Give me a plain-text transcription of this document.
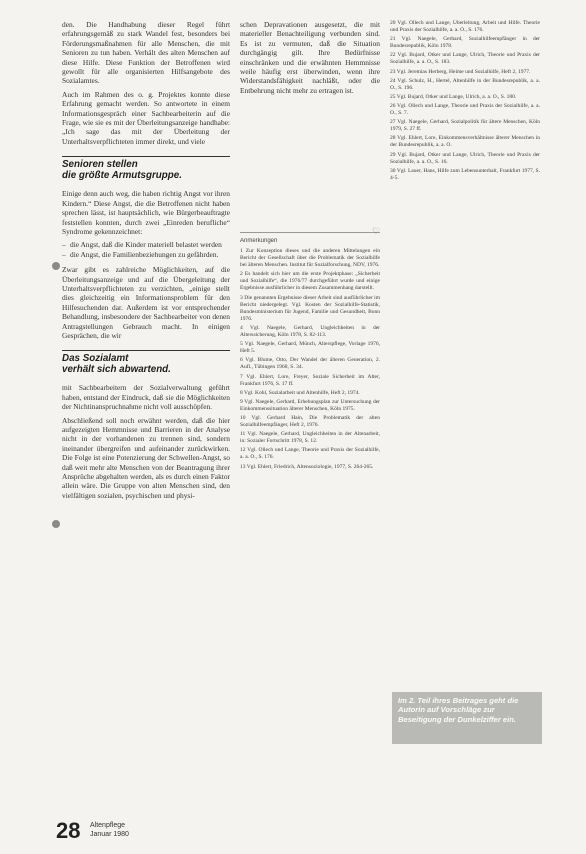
den. Die Handhabung dieser Regel führt erfahrungsgemäß zu stark Wandel fest, besonders bei Förderungsmaßnahmen für alle Menschen, die mit Senioren zu tun haben. Verhält des alten Menschen auf diese Hilfe. Diese Funktion der Betroffenen wird gewollt für alle organisierten Hilfsangebote des Sozialamtes.

Auch im Rahmen des o. g. Projektes konnte diese Erfahrung gemacht werden. So antwortete in einem Informationsgespräch einer Sachbearbeiterin auf die Frage, wie sie es mit der Überleitungsanzeige handhabe: „Ich sage das mit der Überleitung der Unterhaltsverpflichteten immer direkt, und viele

Senioren stellen
die größte Armutsgruppe.

Einige denn auch weg, die haben richtig Angst vor ihren Kindern.“ Diese Angst, die die Betroffenen nicht haben sprechen lässt, ist hauptsächlich, wie Bürgerbeauftragte feststellen konnten, durch zwei „Einreden berufliche“ Syndrome gekennzeichnet:

– die Angst, daß die Kinder materiell belastet werden
– die Angst, die Familienbeziehungen zu gefährden.

Zwar gibt es zahlreiche Möglichkeiten, auf die Überleitungsanzeige und auf die Übergeleitung der Unterhaltsverpflichteten zu verzichten, „einige stellt dies gleichzeitig ein Informationsproblem für den Hilfesuchenden dar. Außerdem ist vor entsprechender Behandlung, insbesondere der Sachbearbeiter von denen Antragstellungen Gebrauch macht. In einigen Gesprächen, die wir

Das Sozialamt
verhält sich abwartend.

mit Sachbearbeitern der Sozialverwaltung geführt haben, entstand der Eindruck, daß sie die Möglichkeiten der Nichtinanspruchnahme nicht voll ausschöpfen.

Abschließend soll noch erwähnt werden, daß die hier aufgezeigten Hemmnisse und Barrieren in der Analyse nicht in der vorhandenen zu trennen sind, sondern ineinander übergreifen und aufeinander zurückwirken. Die Folge ist eine Potenzierung der Schwellen-Angst, so daß weit mehr alte Menschen von der Beantragung ihrer Ansprüche abgehalten werden, als es durch einen Faktor allein wäre. Die Gruppe von alten Menschen sind, den vielfältigen sozialen, psychischen und physi-

schen Depravationen ausgesetzt, die mit materieller Benachteiligung verbunden sind. Es ist zu vermuten, daß die Situation durchgängig gilt. Ihre Bedürfnisse einschränken und die erwähnten Hemmnisse weile häufig erst überwinden, wenn ihre Widerstandsfähigkeit nachläßt, oder die Entbehrung nicht mehr zu ertragen ist.

♡
Anmerkungen

1 Zur Konzeption dieses und die anderen Mittelungen ein Bericht der Gesellschaft über die Problematik der Sozialhilfe bei älteren Menschen. Institut für Sozialforschung, NDV, 1976.

2 Es handelt sich hier um die erste Projektphase: „Sicherheit und Sozialhilfe“, die 1976/77 durchgeführt wurde und einige Ergebnisse ausführlicher in diesem Zusammenhang darstellt.

3 Die genannten Ergebnisse dieser Arbeit sind ausführlicher im Bericht niedergelegt. Vgl. Kosten der Sozialhilfe-Statistik, Bundesministerium für Jugend, Familie und Gesundheit, Bonn 1976.

4 Vgl. Naegele, Gerhard, Ungleichheiten in der Alterssicherung, Köln 1978, S. 82-113.

5 Vgl. Naegele, Gerhard, Münch, Alterspflege, Vorlage 1976, Heft 5.

6 Vgl. Blume, Otto, Der Wandel der älteren Generation, 2. Aufl., Tübingen 1968, S. 34.

7 Vgl. Ehlert, Lore, Freyer, Soziale Sicherheit im Alter, Frankfurt 1976, S. 17 ff.

8 Vgl. Kohl, Sozialarbeit und Altenhilfe, Heft 2, 1974.

9 Vgl. Naegele, Gerhard, Erhebungsplan zur Untersuchung der Einkommenssituation älterer Menschen, Köln 1975.

10 Vgl. Gerhard Hain, Die Problematik der alten Sozialhilfeempfänger, Heft 2, 1976.

11 Vgl. Naegele, Gerhard, Ungleichheiten in der Altenarbeit, in: Sozialer Fortschritt 1978, S. 12.

12 Vgl. Ollech und Lange, Theorie und Praxis der Sozialhilfe, a. a. O., S. 176.

13 Vgl. Ehlert, Friedrich, Altensoziologie, 1977, S. 264-265.

20 Vgl. Ollech und Lange, Überleitung, Arbeit und Hilfe. Theorie und Praxis der Sozialhilfe, a. a. O., S. 176.

21 Vgl. Naegele, Gerhard, Sozialhilfeempfänger in der Bundesrepublik, Köln 1978.

22 Vgl. Bujard, Otker und Lange, Ulrich, Theorie und Praxis der Sozialhilfe, a. a. O., S. 183.

23 Vgl. Jeremias Herberg, Heime und Sozialhilfe, Heft 2, 1977.

24 Vgl. Schulz, H., Hertel, Altenhilfe in der Bundesrepublik, a. a. O., S. 196.

25 Vgl. Bujard, Otker und Lange, Ulrich, a. a. O., S. 180.

26 Vgl. Ollech und Lange, Theorie und Praxis der Sozialhilfe, a. a. O., S. 7.

27 Vgl. Naegele, Gerhard, Sozialpolitik für ältere Menschen, Köln 1979, S. 27 ff.

28 Vgl. Ehlert, Lore, Einkommensverhältnisse älterer Menschen in der Bundesrepublik, a. a. O.

29 Vgl. Bujard, Otker und Lange, Ulrich, Theorie und Praxis der Sozialhilfe, a. a. O., S. 16.

30 Vgl. Lauer, Hans, Hilfe zum Lebensunterhalt, Frankfurt 1977, S. 4-5.

Im 2. Teil ihres Beitrages geht die Autorin auf Vorschläge zur Beseitigung der Dunkelziffer ein.
28 Altenpflege
Januar 1980
